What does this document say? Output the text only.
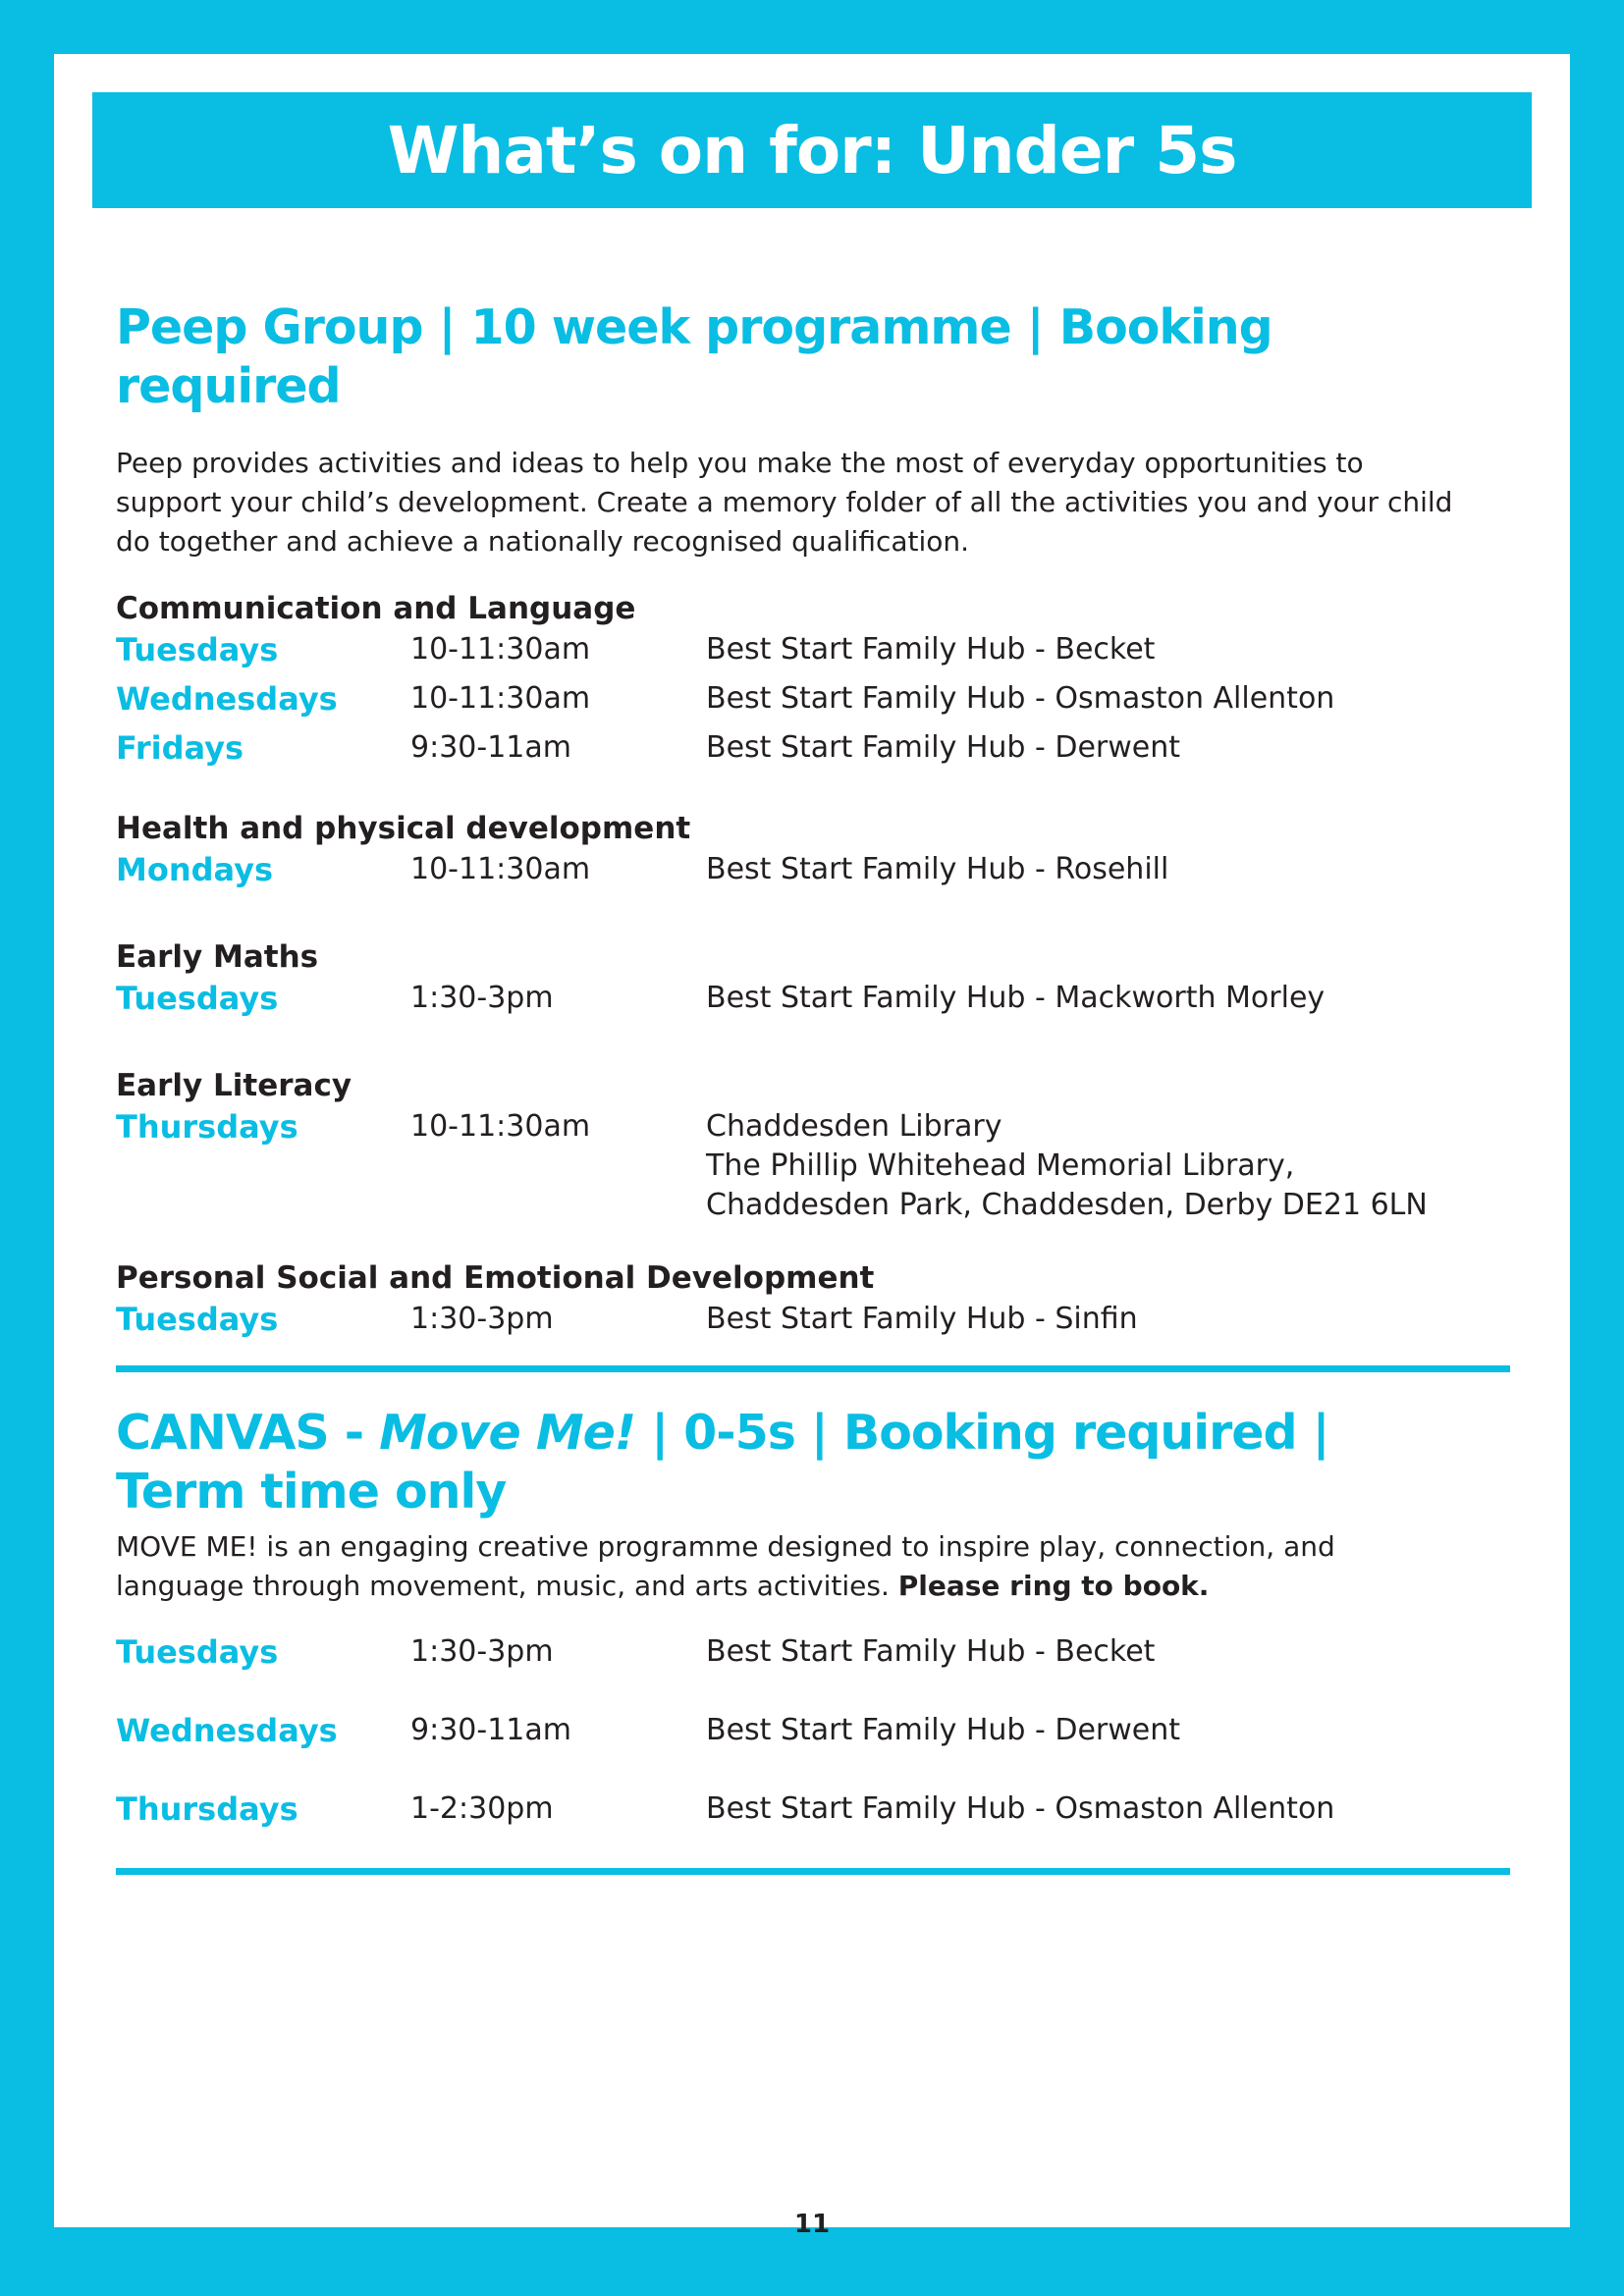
What’s on for: Under 5s
Peep Group | 10 week programme | Booking required
Peep provides activities and ideas to help you make the most of everyday opportunities to
support your child’s development. Create a memory folder of all the activities you and your child
do together and achieve a nationally recognised qualification.
Communication and Language
Tuesdays	10-11:30am	Best Start Family Hub - Becket
Wednesdays	10-11:30am	Best Start Family Hub - Osmaston Allenton
Fridays	9:30-11am	Best Start Family Hub - Derwent
Health and physical development
Mondays	10-11:30am	Best Start Family Hub - Rosehill
Early Maths
Tuesdays	1:30-3pm	Best Start Family Hub - Mackworth Morley
Early Literacy
Thursdays	10-11:30am	Chaddesden Library
The Phillip Whitehead Memorial Library,
Chaddesden Park, Chaddesden, Derby DE21 6LN
Personal Social and Emotional Development
Tuesdays	1:30-3pm	Best Start Family Hub - Sinfin
CANVAS - Move Me! | 0-5s | Booking required |
Term time only
MOVE ME! is an engaging creative programme designed to inspire play, connection, and
language through movement, music, and arts activities. Please ring to book.
Tuesdays	1:30-3pm	Best Start Family Hub - Becket
Wednesdays	9:30-11am	Best Start Family Hub - Derwent
Thursdays	1-2:30pm	Best Start Family Hub - Osmaston Allenton
11
